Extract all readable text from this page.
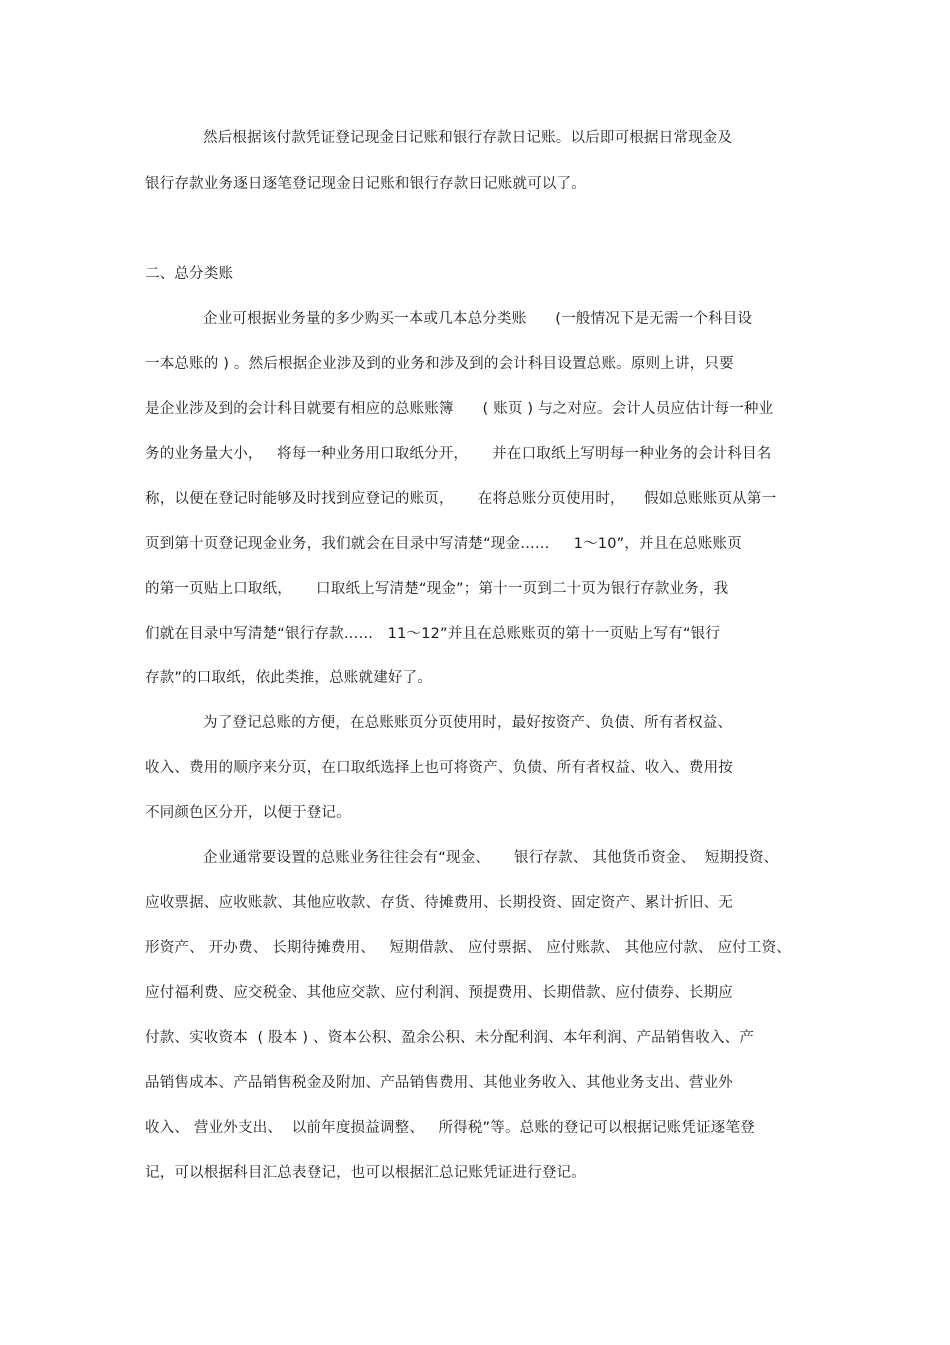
然后根据该付款凭证登记现金日记账和银行存款日记账。以后即可根据日常现金及
银行存款业务逐日逐笔登记现金日记账和银行存款日记账就可以了。
二、总分类账
企业可根据业务量的多少购买一本或几本总分类账      (一般情况下是无需一个科目设
一本总账的 ) 。然后根据企业涉及到的业务和涉及到的会计科目设置总账。原则上讲，只要
是企业涉及到的会计科目就要有相应的总账账簿      ( 账页 ) 与之对应。会计人员应估计每一种业
务的业务量大小，   将每一种业务用口取纸分开，     并在口取纸上写明每一种业务的会计科目名
称，以便在登记时能够及时找到应登记的账页，     在将总账分页使用时，    假如总账账页从第一
页到第十页登记现金业务，我们就会在目录中写清楚“现金……     1～10”，并且在总账账页
的第一页贴上口取纸，     口取纸上写清楚“现金”；第十一页到二十页为银行存款业务，我
们就在目录中写清楚“银行存款……   11～12”并且在总账账页的第十一页贴上写有“银行
存款”的口取纸，依此类推，总账就建好了。
为了登记总账的方便，在总账账页分页使用时，最好按资产、负债、所有者权益、
收入、费用的顺序来分页，在口取纸选择上也可将资产、负债、所有者权益、收入、费用按
不同颜色区分开，以便于登记。
企业通常要设置的总账业务往往会有“现金、     银行存款、 其他货币资金、  短期投资、
应收票据、应收账款、其他应收款、存货、待摊费用、长期投资、固定资产、累计折旧、无
形资产、 开办费、 长期待摊费用、   短期借款、 应付票据、 应付账款、 其他应付款、 应付工资、
应付福利费、应交税金、其他应交款、应付利润、预提费用、长期借款、应付债券、长期应
付款、实收资本  ( 股本 ) 、资本公积、盈余公积、未分配利润、本年利润、产品销售收入、产
品销售成本、产品销售税金及附加、产品销售费用、其他业务收入、其他业务支出、营业外
收入、 营业外支出、  以前年度损益调整、   所得税”等。总账的登记可以根据记账凭证逐笔登
记，可以根据科目汇总表登记，也可以根据汇总记账凭证进行登记。
